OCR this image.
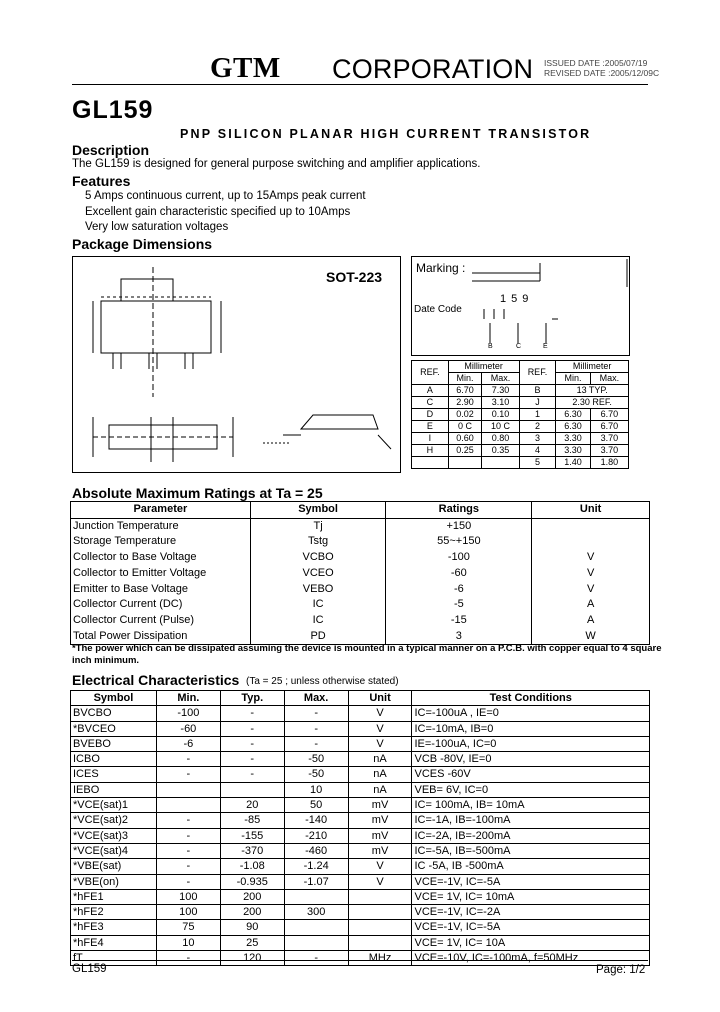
GTM CORPORATION ISSUED DATE :2005/07/19
REVISED DATE :2005/12/09C
GL159
PNP SILICON PLANAR HIGH CURRENT TRANSISTOR
Description
The GL159 is designed for general purpose switching and amplifier applications.
Features
5 Amps continuous current, up to 15Amps peak current
Excellent gain characteristic specified up to 10Amps
Very low saturation voltages
Package Dimensions
SOT-223
Marking :
Date Code
159
B	C	E
REF.	Millimeter		REF.	Millimeter	
	Min.	Max.		Min.	Max.
A	6.70	7.30	B	13 TYP.	
C	2.90	3.10	J	2.30 REF.	
D	0.02	0.10	1	6.30	6.70
E	0 C	10 C	2	6.30	6.70
I	0.60	0.80	3	3.30	3.70
H	0.25	0.35	4	3.30	3.70
			5	1.40	1.80
Absolute Maximum Ratings at Ta = 25
Parameter	Symbol	Ratings	Unit
Junction Temperature	Tj	+150	
Storage Temperature	Tstg	55~+150	
Collector to Base Voltage	VCBO	-100	V
Collector to Emitter Voltage	VCEO	-60	V
Emitter to Base Voltage	VEBO	-6	V
Collector Current (DC)	IC	-5	A
Collector Current (Pulse)	IC	-15	A
Total Power Dissipation	PD	3	W
*The power which can be dissipated assuming the device is mounted in a typical manner on a P.C.B. with copper equal to 4 square inch minimum.
Electrical Characteristics (Ta = 25 ; unless otherwise stated)
Symbol	Min.	Typ.	Max.	Unit	Test Conditions
BVCBO	-100	-	-	V	IC=-100uA , IE=0
*BVCEO	-60	-	-	V	IC=-10mA, IB=0
BVEBO	-6	-	-	V	IE=-100uA, IC=0
ICBO	-	-	-50	nA	VCB -80V, IE=0
ICES	-	-	-50	nA	VCES -60V
IEBO			10	nA	VEB= 6V, IC=0
*VCE(sat)1		20	50	mV	IC= 100mA, IB= 10mA
*VCE(sat)2	-	-85	-140	mV	IC=-1A, IB=-100mA
*VCE(sat)3	-	-155	-210	mV	IC=-2A, IB=-200mA
*VCE(sat)4	-	-370	-460	mV	IC=-5A, IB=-500mA
*VBE(sat)	-	-1.08	-1.24	V	IC -5A, IB -500mA
*VBE(on)	-	-0.935	-1.07	V	VCE=-1V, IC=-5A
*hFE1	100	200			VCE= 1V, IC= 10mA
*hFE2	100	200	300		VCE=-1V, IC=-2A
*hFE3	75	90			VCE=-1V, IC=-5A
*hFE4	10	25			VCE= 1V, IC= 10A
fT	-	120	-	MHz	VCE=-10V, IC=-100mA, f=50MHz
GL159	Page: 1/2
